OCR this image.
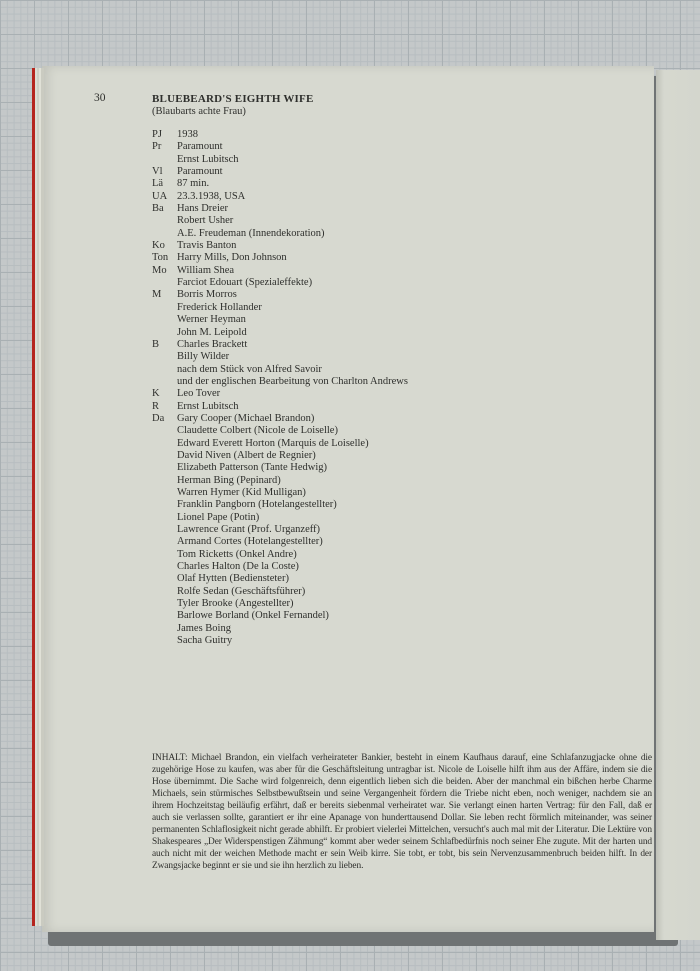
30	BLUEBEARD'S EIGHTH WIFE
(Blaubarts achte Frau)
PJ	1938
Pr	Paramount
Ernst Lubitsch
Vl	Paramount
Lä	87 min.
UA 23.3.1938, USA
Ba	Hans Dreier
Robert Usher
A.E. Freudeman (Innendekoration)
Ko	Travis Banton
Ton Harry Mills, Don Johnson
Mo William Shea
Farciot Edouart (Spezialeffekte)
M	Borris Morros
Frederick Hollander
Werner Heyman
John M. Leipold
B	Charles Brackett
Billy Wilder
nach dem Stück von Alfred Savoir
und der englischen Bearbeitung von Charlton Andrews
K	Leo Tover
R	Ernst Lubitsch
Da	Gary Cooper (Michael Brandon)
Claudette Colbert (Nicole de Loiselle)
Edward Everett Horton (Marquis de Loiselle)
David Niven (Albert de Regnier)
Elizabeth Patterson (Tante Hedwig)
Herman Bing (Pepinard)
Warren Hymer (Kid Mulligan)
Franklin Pangborn (Hotelangestellter)
Lionel Pape (Potin)
Lawrence Grant (Prof. Urganzeff)
Armand Cortes (Hotelangestellter)
Tom Ricketts (Onkel Andre)
Charles Halton (De la Coste)
Olaf Hytten (Bediensteter)
Rolfe Sedan (Geschäftsführer)
Tyler Brooke (Angestellter)
Barlowe Borland (Onkel Fernandel)
James Boing
Sacha Guitry

INHALT: Michael Brandon, ein vielfach verheirateter Bankier, besteht in einem Kaufhaus darauf, eine Schlafanzugjacke ohne die zugehörige Hose zu kaufen, was aber für die Geschäftsleitung untragbar ist. Nicole de Loiselle hilft ihm aus der Affäre, indem sie die Hose übernimmt. Die Sache wird folgenreich, denn eigentlich lieben sich die beiden. Aber der manchmal ein bißchen herbe Charme Michaels, sein stürmisches Selbstbewußtsein und seine Vergangenheit fördern die Triebe nicht eben, noch weniger, nachdem sie an ihrem Hochzeitstag beiläufig erfährt, daß er bereits siebenmal verheiratet war. Sie verlangt einen harten Vertrag: für den Fall, daß er auch sie verlassen sollte, garantiert er ihr eine Apanage von hunderttausend Dollar. Sie leben recht förmlich miteinander, was seiner permanenten Schlaflosigkeit nicht gerade abhilft. Er probiert vielerlei Mittelchen, versucht's auch mal mit der Literatur. Die Lektüre von Shakespeares „Der Widerspenstigen Zähmung“ kommt aber weder seinem Schlafbedürfnis noch seiner Ehe zugute. Mit der harten und auch nicht mit der weichen Methode macht er sein Weib kirre. Sie tobt, er tobt, bis sein Nervenzusammenbruch beiden hilft. In der Zwangsjacke beginnt er sie und sie ihn herzlich zu lieben.
